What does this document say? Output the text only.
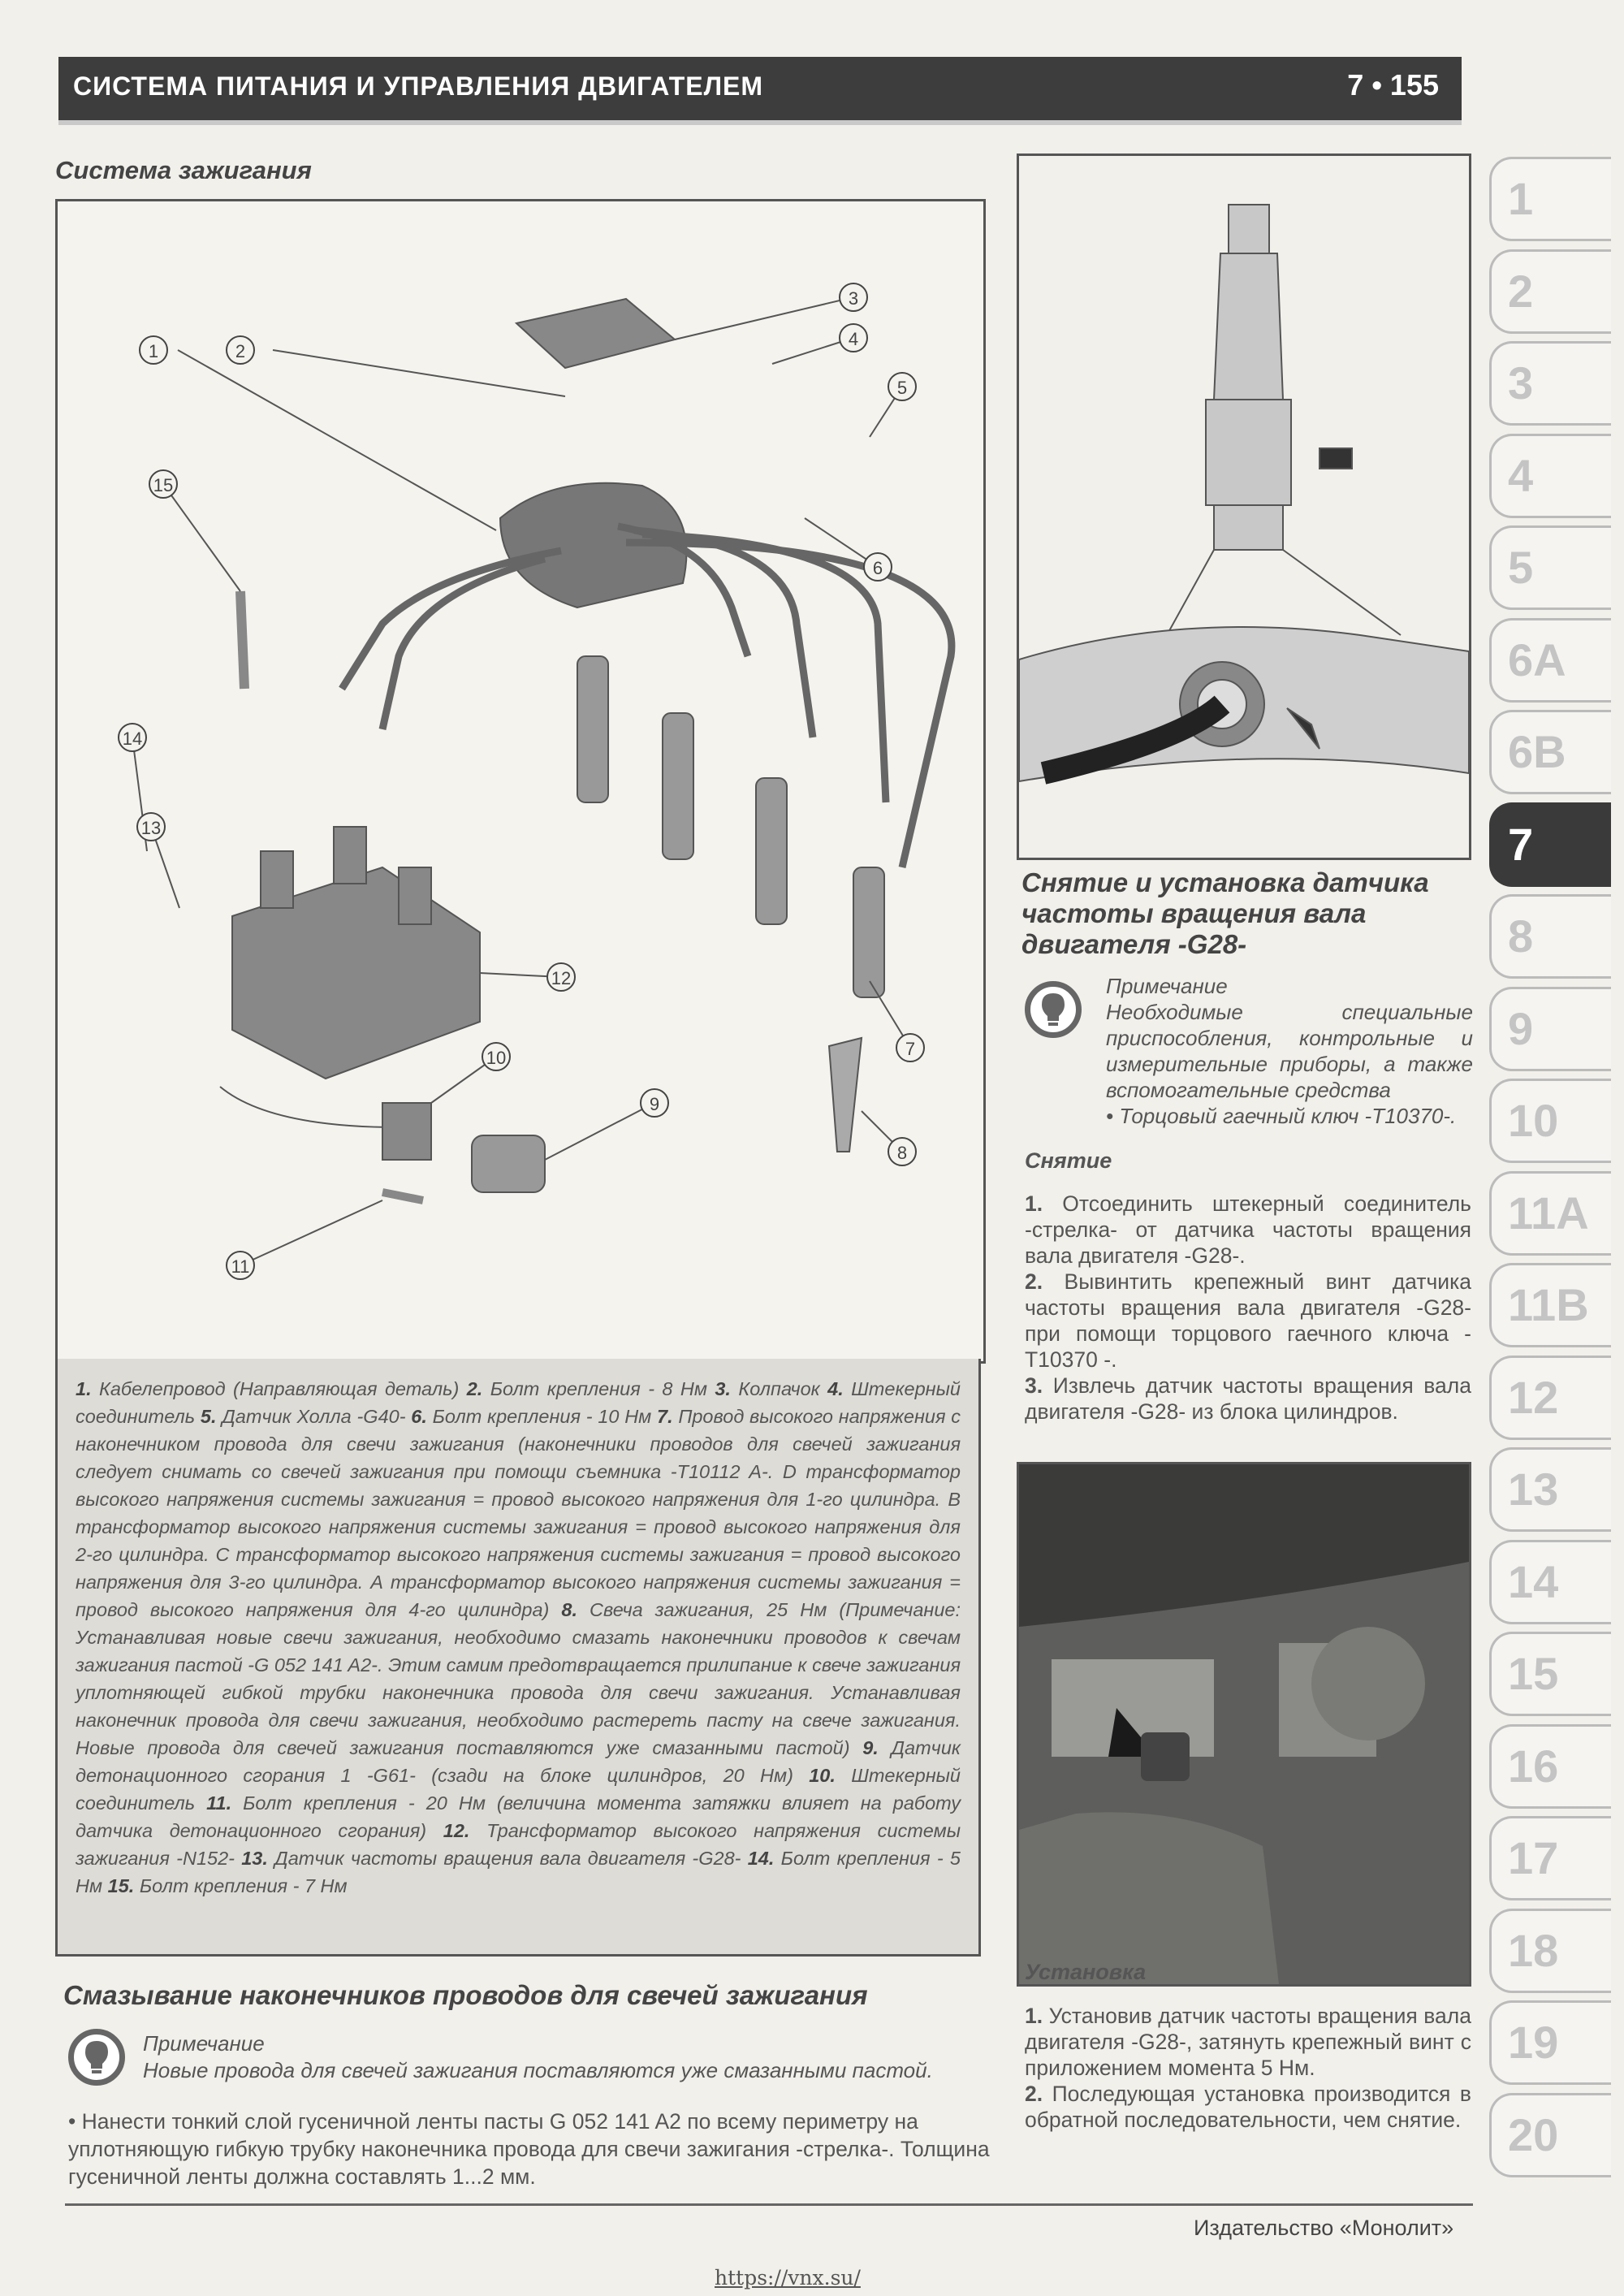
СИСТЕМА ПИТАНИЯ И УПРАВЛЕНИЯ ДВИГАТЕЛЕМ	7 • 155
Система зажигания
1	2
3
4
5
6
7
8
9
10
11
12
13
14
15
1. Кабелепровод (Направляющая деталь) 2. Болт крепления - 8 Нм 3. Колпачок 4. Штекерный соединитель 5. Датчик Холла -G40- 6. Болт крепления - 10 Нм 7. Провод высокого напряжения с наконечником провода для свечи зажигания (наконечники проводов для свечей зажигания следует снимать со свечей зажигания при помощи съемника -T10112 A-. D трансформатор высокого напряжения системы зажигания = провод высокого напряжения для 1-го цилиндра. В трансформатор высокого напряжения системы зажигания = провод высокого напряжения для 2-го цилиндра. С трансформатор высокого напряжения системы зажигания = провод высокого напряжения для 3-го цилиндра. А трансформатор высокого напряжения системы зажигания = провод высокого напряжения для 4-го цилиндра) 8. Свеча зажигания, 25 Нм (Примечание: Устанавливая новые свечи зажигания, необходимо смазать наконечники проводов к свечам зажигания пастой -G 052 141 A2-. Этим самим предотвращается прилипание к свече зажигания уплотняющей гибкой трубки наконечника провода для свечи зажигания. Устанавливая наконечник провода для свечи зажигания, необходимо растереть пасту на свече зажигания. Новые провода для свечей зажигания поставляются уже смазанными пастой) 9. Датчик детонационного сгорания 1 -G61- (сзади на блоке цилиндров, 20 Нм) 10. Штекерный соединитель 11. Болт крепления - 20 Нм (величина момента затяжки влияет на работу датчика детонационного сгорания) 12. Трансформатор высокого напряжения системы зажигания -N152- 13. Датчик частоты вращения вала двигателя -G28- 14. Болт крепления - 5 Нм 15. Болт крепления - 7 Нм
Смазывание наконечников проводов для свечей зажигания
Примечание
Новые провода для свечей зажигания поставляются уже смазанными пастой.
• Нанести тонкий слой гусеничной ленты пасты G 052 141 A2 по всему периметру на уплотняющую гибкую трубку наконечника провода для свечи зажигания -стрелка-. Толщина гусеничной ленты должна составлять 1...2 мм.
Снятие и установка датчика частоты вращения вала двигателя -G28-
Примечание
Необходимые специальные приспособления, контрольные и измерительные приборы, а также вспомогательные средства
• Торцовый гаечный ключ -T10370-.
Снятие
1. Отсоединить штекерный соединитель -стрелка- от датчика частоты вращения вала двигателя -G28-.
2. Вывинтить крепежный винт датчика частоты вращения вала двигателя -G28- при помощи торцового гаечного ключа -T10370 -.
3. Извлечь датчик частоты вращения вала двигателя -G28- из блока цилиндров.
Установка
1. Установив датчик частоты вращения вала двигателя -G28-, затянуть крепежный винт с приложением момента 5 Нм.
2. Последующая установка производится в обратной последовательности, чем снятие.
1
2
3
4
5
6A
6B
7
8
9
10
11A
11B
12
13
14
15
16
17
18
19
20
Издательство «Монолит»
https://vnx.su/
